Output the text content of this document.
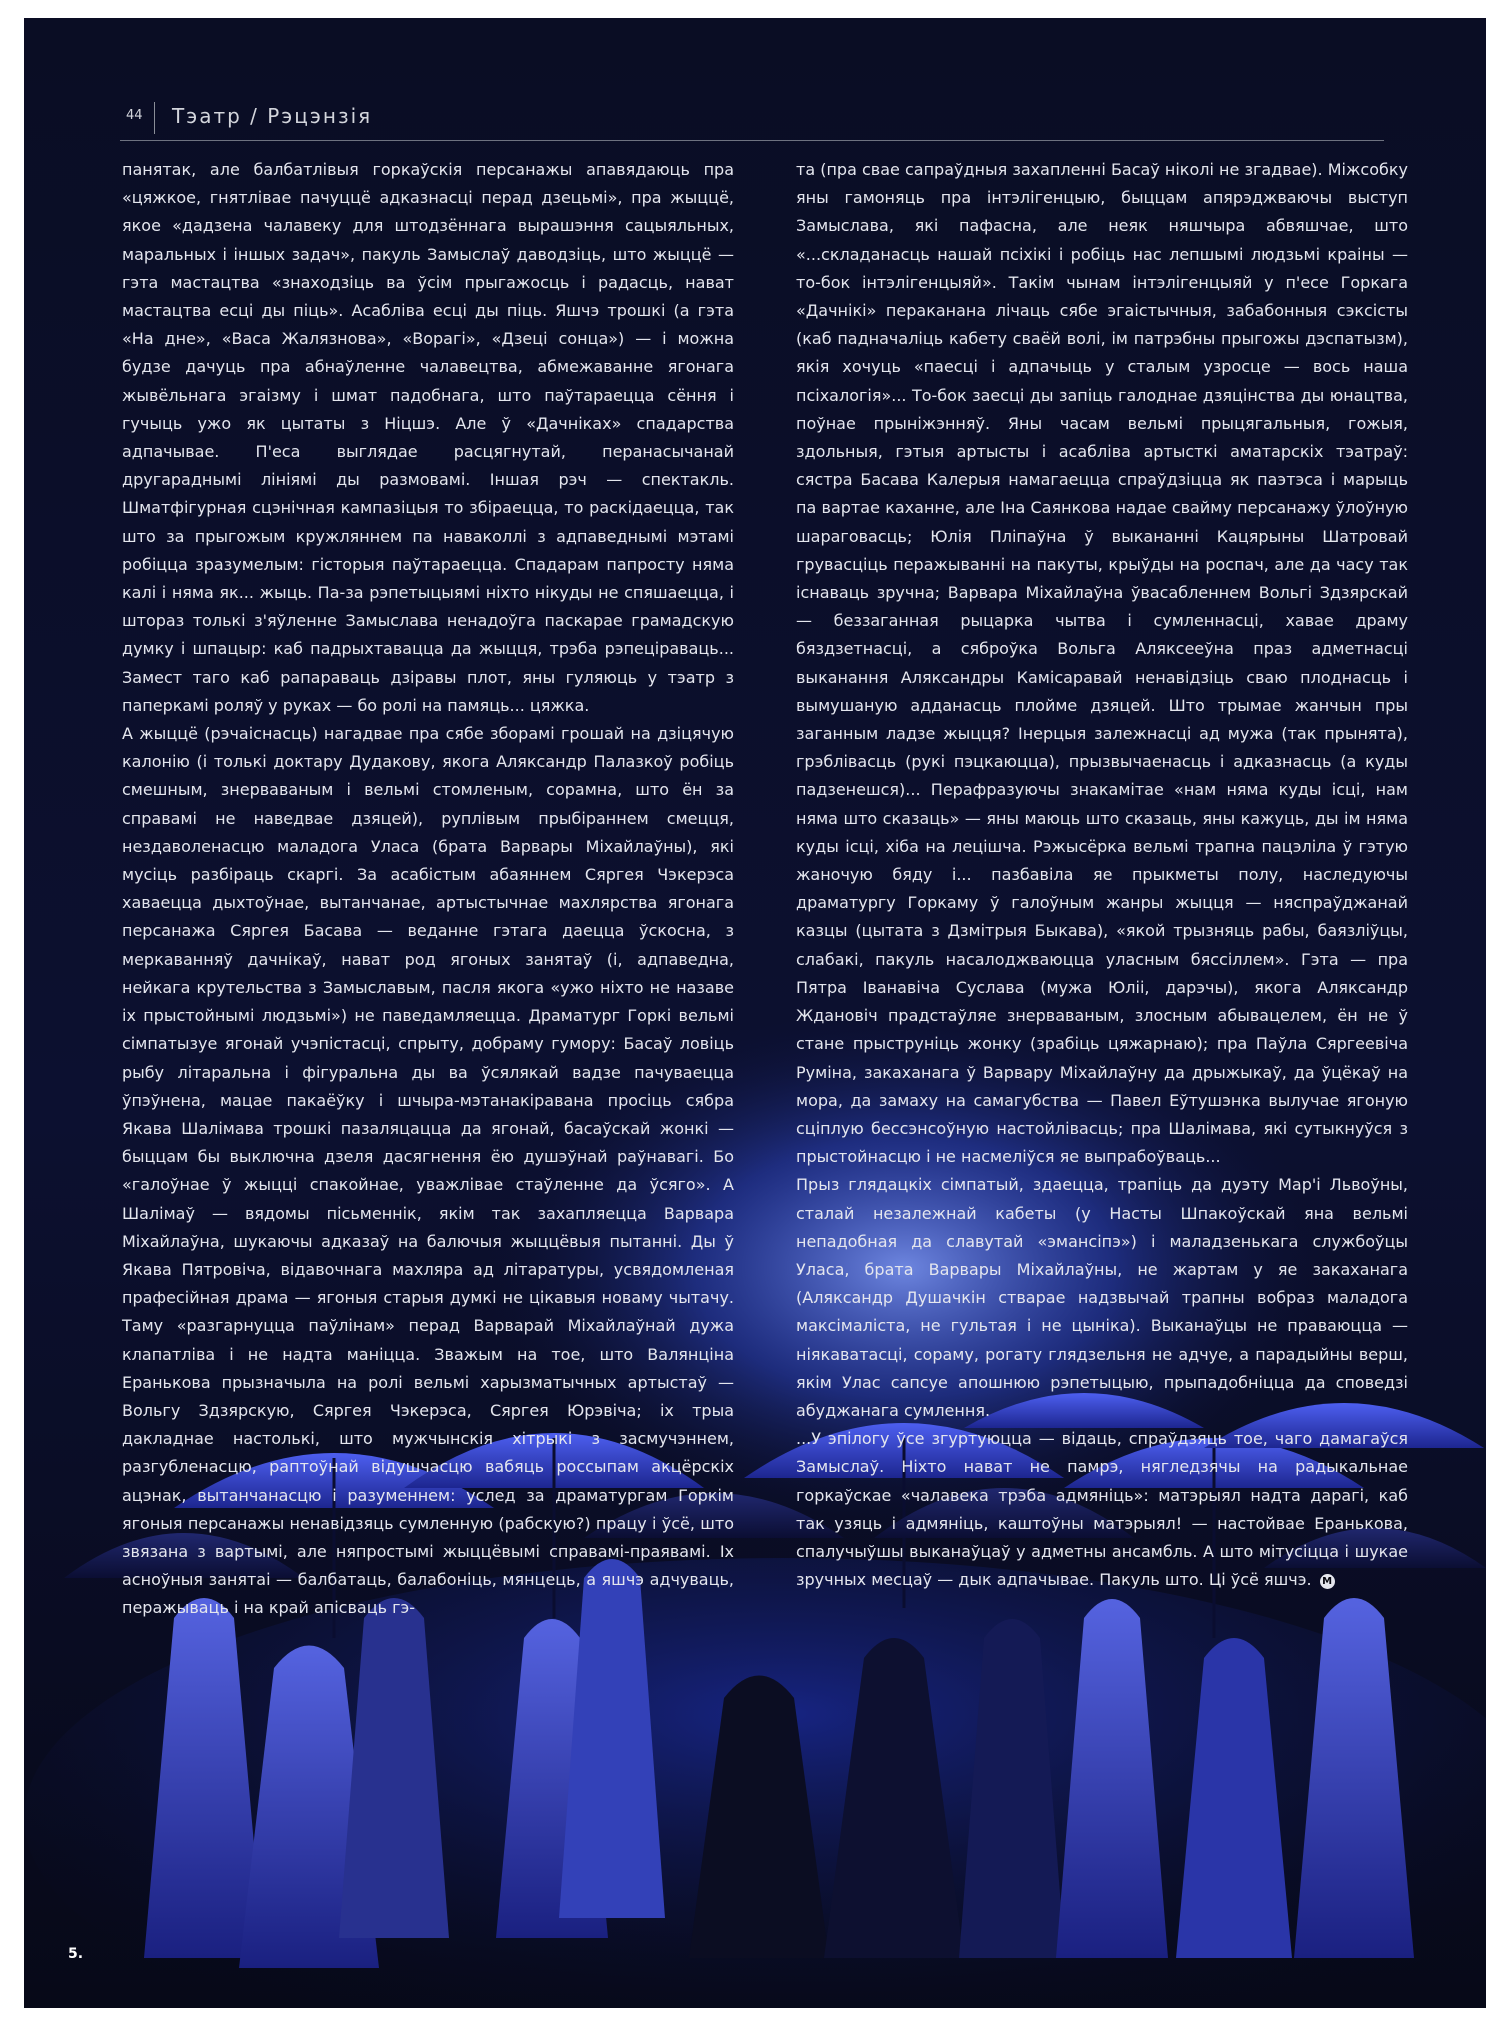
44 Тэатр / Рэцэнзія

панятак, але балбатлівыя горкаўскія персанажы апавядаюць пра «цяжкое, гнятлівае пачуццё адказнасці перад дзецьмі», пра жыццё, якое «дадзена чалавеку для штодзённага вырашэння сацыяльных, маральных і іншых задач», пакуль Замыслаў даводзіць, што жыццё — гэта мастацтва «знаходзіць ва ўсім прыгажосць і радасць, нават мастацтва есці ды піць». Асабліва есці ды піць. Яшчэ трошкі (а гэта «На дне», «Васа Жалязнова», «Ворагі», «Дзеці сонца») — і можна будзе дачуць пра абнаўленне чалавецтва, абмежаванне ягонага жывёльнага эгаізму і шмат падобнага, што паўтараецца сёння і гучыць ужо як цытаты з Ніцшэ. Але ў «Дачніках» спадарства адпачывае. П'еса выглядае расцягнутай, перанасычанай другараднымі лініямі ды размовамі. Іншая рэч — спектакль. Шматфігурная сцэнічная кампазіцыя то збіраецца, то раскідаецца, так што за прыгожым кружляннем па наваколлі з адпаведнымі мэтамі робіцца зразумелым: гісторыя паўтараецца. Спадарам папросту няма калі і няма як... жыць. Па-за рэпетыцыямі ніхто нікуды не спяшаецца, і штораз толькі з'яўленне Замыслава ненадоўга паскарае грамадскую думку і шпацыр: каб падрыхтавацца да жыцця, трэба рэпеціраваць... Замест таго каб рапараваць дзіравы плот, яны гуляюць у тэатр з паперкамі роляў у руках — бо ролі на памяць... цяжка.

А жыццё (рэчаіснасць) нагадвае пра сябе зборамі грошай на дзіцячую калонію (і толькі доктару Дудакову, якога Аляксандр Палазкоў робіць смешным, знерваваным і вельмі стомленым, сорамна, што ён за справамі не наведвае дзяцей), руплівым прыбіраннем смецця, нездаволенасцю маладога Уласа (брата Варвары Міхайлаўны), які мусіць разбіраць скаргі. За асабістым абаяннем Сяргея Чэкерэса хаваецца дыхтоўнае, вытанчанае, артыстычнае махлярства ягонага персанажа Сяргея Басава — веданне гэтага даецца ўскосна, з меркаванняў дачнікаў, нават род ягоных занятаў (і, адпаведна, нейкага крутельства з Замыславым, пасля якога «ужо ніхто не назаве іх прыстойнымі людзьмі») не паведамляецца. Драматург Горкі вельмі сімпатызуе ягонай учэпістасці, спрыту, добраму гумору: Басаў ловіць рыбу літаральна і фігуральна ды ва ўсялякай вадзе пачуваецца ўпэўнена, мацае пакаёўку і шчыра-мэтанакіравана просіць сябра Якава Шалімава трошкі пазаляцацца да ягонай, басаўскай жонкі — быццам бы выключна дзеля дасягнення ёю душэўнай раўнавагі. Бо «галоўнае ў жыцці спакойнае, уважлівае стаўленне да ўсяго». А Шалімаў — вядомы пісьменнік, якім так захапляецца Варвара Міхайлаўна, шукаючы адказаў на балючыя жыццёвыя пытанні. Ды ў Якава Пятровіча, відавочнага махляра ад літаратуры, усвядомленая прафесійная драма — ягоныя старыя думкі не цікавыя новаму чытачу. Таму «разгарнуцца паўлінам» перад Варварай Міхайлаўнай дужа клапатліва і не надта маніцца. Зважым на тое, што Валянціна Еранькова прызначыла на ролі вельмі харызматычных артыстаў — Вольгу Здзярскую, Сяргея Чэкерэса, Сяргея Юрэвіча; іх трыа дакладнае настолькі, што мужчынскія хітрыкі з засмучэннем, разгубленасцю, раптоўнай відушчасцю вабяць россыпам акцёрскіх ацэнак, вытанчанасцю і разуменнем: услед за драматургам Горкім ягоныя персанажы ненавідзяць сумленную (рабскую?) працу і ўсё, што звязана з вартымі, але няпростымі жыццёвымі справамі-праявамі. Іх асноўныя занятаі — балбатаць, балабоніць, мянцець, а яшчэ адчуваць, перажываць і на край апісваць гэ-

та (пра свае сапраўдныя захапленні Басаў ніколі не згадвае). Міжсобку яны гамоняць пра інтэлігенцыю, быццам апярэджваючы выступ Замыслава, які пафасна, але неяк няшчыра абвяшчае, што «...складанасць нашай псіхікі і робіць нас лепшымі людзьмі краіны — то-бок інтэлігенцыяй». Такім чынам інтэлігенцыяй у п'есе Горкага «Дачнікі» пераканана лічаць сябе эгаістычныя, забабонныя сэксісты (каб падначаліць кабету сваёй волі, ім патрэбны прыгожы дэспатызм), якія хочуць «паесці і адпачыць у сталым узросце — вось наша псіхалогія»... То-бок заесці ды запіць галоднае дзяцінства ды юнацтва, поўнае прыніжэнняў. Яны часам вельмі прыцягальныя, гожыя, здольныя, гэтыя артысты і асабліва артысткі аматарскіх тэатраў: сястра Басава Калерыя намагаецца спраўдзіцца як паэтэса і марыць па вартае каханне, але Іна Саянкова надае свайму персанажу ўлоўную шараговасць; Юлія Пліпаўна ў выкананні Кацярыны Шатровай грувасціць перажыванні на пакуты, крыўды на роспач, але да часу так існаваць зручна; Варвара Міхайлаўна ўвасабленнем Вольгі Здзярскай — беззаганная рыцарка чытва і сумленнасці, хавае драму бяздзетнасці, а сяброўка Вольга Аляксееўна праз адметнасці выканання Аляксандры Камісаравай ненавідзіць сваю плоднасць і вымушаную адданасць плойме дзяцей. Што трымае жанчын пры заганным ладзе жыцця? Інерцыя залежнасці ад мужа (так прынята), грэблівасць (рукі пэцкаюцца), прызвычаенасць і адказнасць (а куды падзенешся)... Перафразуючы знакамітае «нам няма куды ісці, нам няма што сказаць» — яны маюць што сказаць, яны кажуць, ды ім няма куды ісці, хіба на лецішча. Рэжысёрка вельмі трапна пацэліла ў гэтую жаночую бяду і... пазбавіла яе прыкметы полу, наследуючы драматургу Горкаму ў галоўным жанры жыцця — няспраўджанай казцы (цытата з Дзмітрыя Быкава), «якой трызняць рабы, баязліўцы, слабакі, пакуль насалоджваюцца уласным бяссіллем». Гэта — пра Пятра Іванавіча Суслава (мужа Юліі, дарэчы), якога Аляксандр Ждановіч прадстаўляе знерваваным, злосным абывацелем, ён не ў стане прыструніць жонку (зрабіць цяжарнаю); пра Паўла Сяргеевіча Руміна, закаханага ў Варвару Міхайлаўну да дрыжыкаў, да ўцёкаў на мора, да замаху на самагубства — Павел Еўтушэнка вылучае ягоную сціплую бессэнсоўную настойлівасць; пра Шалімава, які сутыкнуўся з прыстойнасцю і не насмеліўся яе выпрабоўваць...

Прыз глядацкіх сімпатый, здаецца, трапіць да дуэту Мар'і Львоўны, сталай незалежнай кабеты (у Насты Шпакоўскай яна вельмі непадобная да славутай «эмансіпэ») і маладзенькага службоўцы Уласа, брата Варвары Міхайлаўны, не жартам у яе закаханага (Аляксандр Душачкін стварае надзвычай трапны вобраз маладога максімаліста, не гультая і не цыніка). Выканаўцы не праваюцца — ніякаватасці, сораму, рогату глядзельня не адчуе, а парадыйны верш, якім Улас сапсуе апошнюю рэпетыцыю, прыпадобніцца да споведзі абуджанага сумлення.

...У эпілогу ўсе згуртуюцца — відаць, спраўдзяць тое, чаго дамагаўся Замыслаў. Ніхто нават не памрэ, нягледзячы на радыкальнае горкаўскае «чалавека трэба адмяніць»: матэрыял надта дарагі, каб так узяць і адмяніць, каштоўны матэрыял! — настойвае Еранькова, спалучыўшы выканаўцаў у адметны ансамбль. А што мітусіцца і шукае зручных месцаў — дык адпачывае. Пакуль што. Ці ўсё яшчэ. M

5.
